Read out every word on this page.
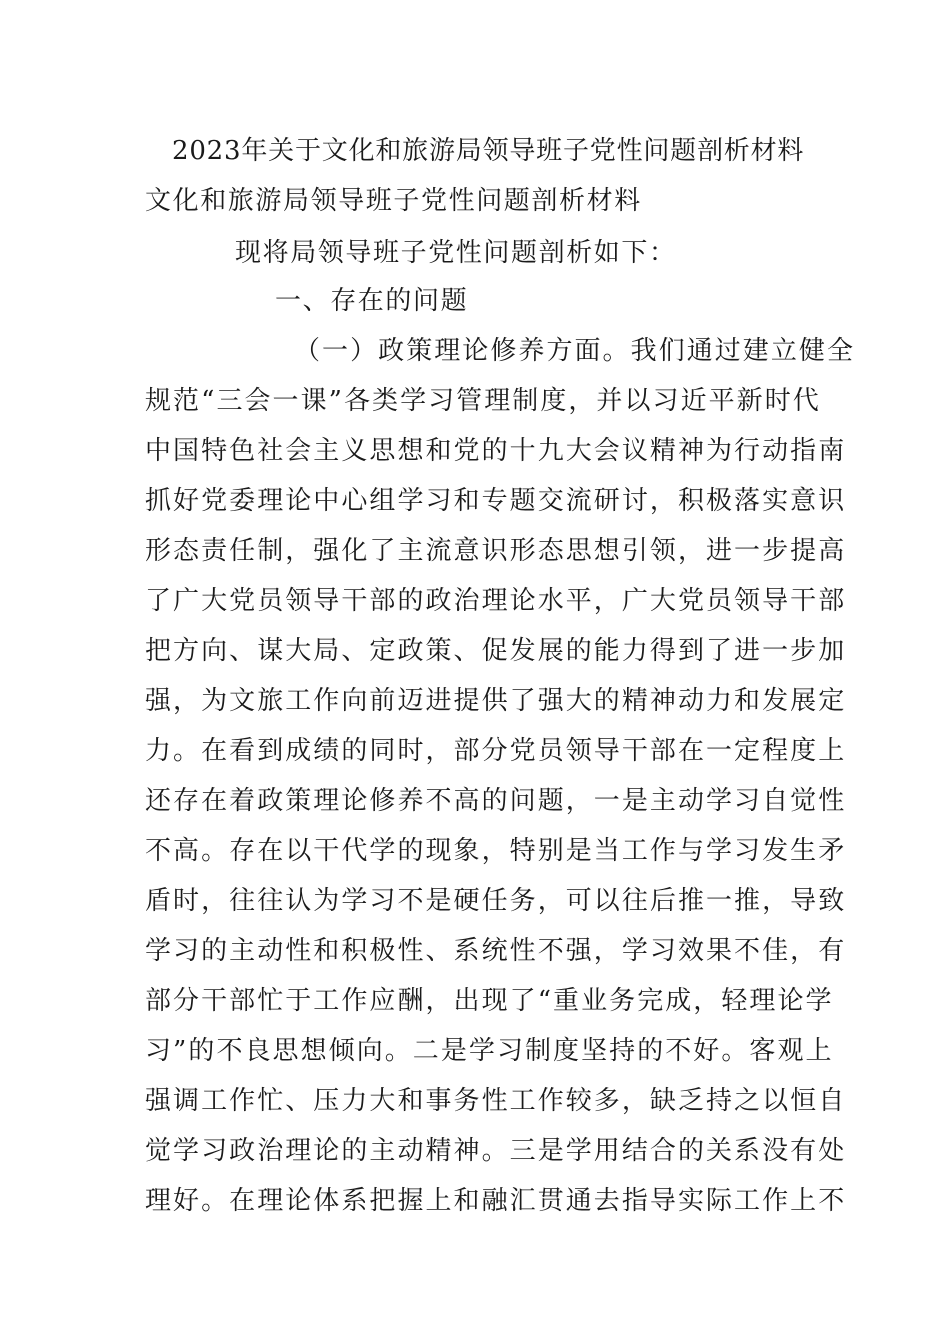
2023年关于文化和旅游局领导班子党性问题剖析材料
文化和旅游局领导班子党性问题剖析材料
现将局领导班子党性问题剖析如下：
一、存在的问题
（一）政策理论修养方面。我们通过建立健全
规范“三会一课”各类学习管理制度，并以习近平新时代
中国特色社会主义思想和党的十九大会议精神为行动指南
抓好党委理论中心组学习和专题交流研讨，积极落实意识
形态责任制，强化了主流意识形态思想引领，进一步提高
了广大党员领导干部的政治理论水平，广大党员领导干部
把方向、谋大局、定政策、促发展的能力得到了进一步加
强，为文旅工作向前迈进提供了强大的精神动力和发展定
力。在看到成绩的同时，部分党员领导干部在一定程度上
还存在着政策理论修养不高的问题，一是主动学习自觉性
不高。存在以干代学的现象，特别是当工作与学习发生矛
盾时，往往认为学习不是硬任务，可以往后推一推，导致
学习的主动性和积极性、系统性不强，学习效果不佳，有
部分干部忙于工作应酬，出现了“重业务完成，轻理论学
习”的不良思想倾向。二是学习制度坚持的不好。客观上
强调工作忙、压力大和事务性工作较多，缺乏持之以恒自
觉学习政治理论的主动精神。三是学用结合的关系没有处
理好。在理论体系把握上和融汇贯通去指导实际工作上不
